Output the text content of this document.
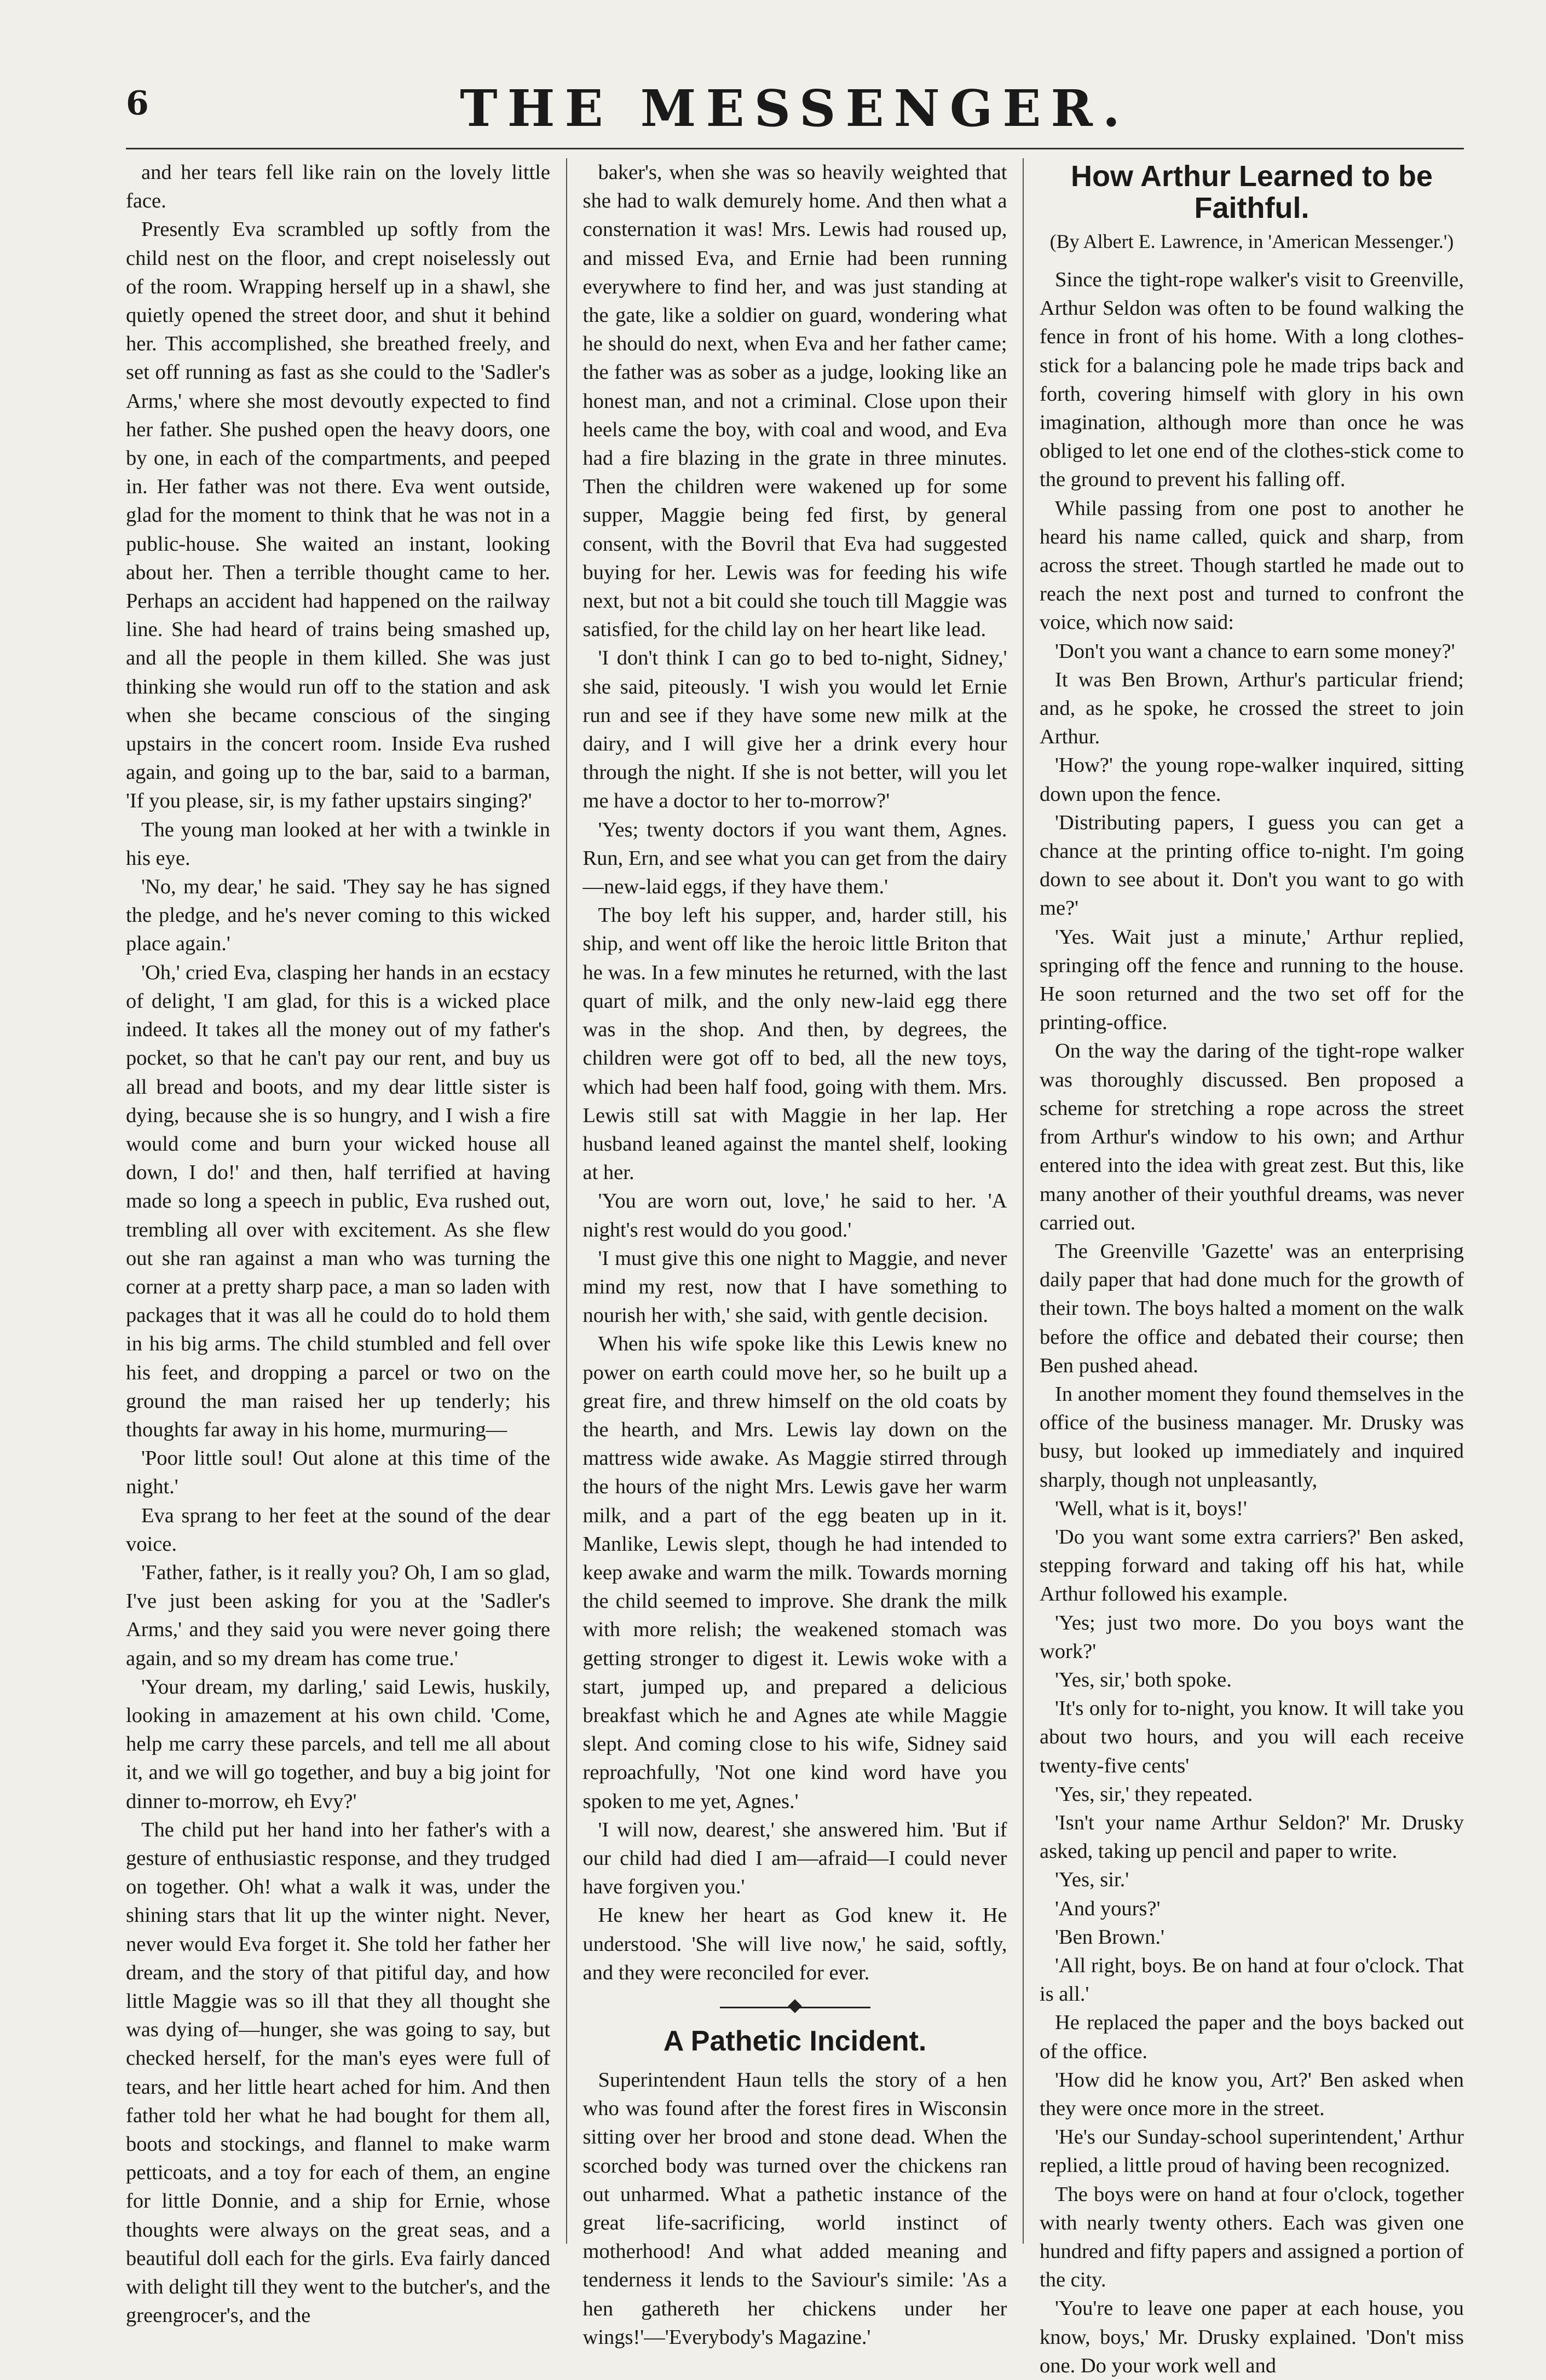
6	THE MESSENGER.

and her tears fell like rain on the lovely little face.

Presently Eva scrambled up softly from the child nest on the floor, and crept noiselessly out of the room. Wrapping herself up in a shawl, she quietly opened the street door, and shut it behind her. This accomplished, she breathed freely, and set off running as fast as she could to the 'Sadler's Arms,' where she most devoutly expected to find her father. She pushed open the heavy doors, one by one, in each of the compartments, and peeped in. Her father was not there. Eva went outside, glad for the moment to think that he was not in a public-house. She waited an instant, looking about her. Then a terrible thought came to her. Perhaps an accident had happened on the railway line. She had heard of trains being smashed up, and all the people in them killed. She was just thinking she would run off to the station and ask when she became conscious of the singing upstairs in the concert room. Inside Eva rushed again, and going up to the bar, said to a barman, 'If you please, sir, is my father upstairs singing?'

The young man looked at her with a twinkle in his eye.

'No, my dear,' he said. 'They say he has signed the pledge, and he's never coming to this wicked place again.'

'Oh,' cried Eva, clasping her hands in an ecstacy of delight, 'I am glad, for this is a wicked place indeed. It takes all the money out of my father's pocket, so that he can't pay our rent, and buy us all bread and boots, and my dear little sister is dying, because she is so hungry, and I wish a fire would come and burn your wicked house all down, I do!' and then, half terrified at having made so long a speech in public, Eva rushed out, trembling all over with excitement. As she flew out she ran against a man who was turning the corner at a pretty sharp pace, a man so laden with packages that it was all he could do to hold them in his big arms. The child stumbled and fell over his feet, and dropping a parcel or two on the ground the man raised her up tenderly; his thoughts far away in his home, murmuring—

'Poor little soul! Out alone at this time of the night.'

Eva sprang to her feet at the sound of the dear voice.

'Father, father, is it really you? Oh, I am so glad, I've just been asking for you at the 'Sadler's Arms,' and they said you were never going there again, and so my dream has come true.'

'Your dream, my darling,' said Lewis, huskily, looking in amazement at his own child. 'Come, help me carry these parcels, and tell me all about it, and we will go together, and buy a big joint for dinner to-morrow, eh Evy?'

The child put her hand into her father's with a gesture of enthusiastic response, and they trudged on together. Oh! what a walk it was, under the shining stars that lit up the winter night. Never, never would Eva forget it. She told her father her dream, and the story of that pitiful day, and how little Maggie was so ill that they all thought she was dying of—hunger, she was going to say, but checked herself, for the man's eyes were full of tears, and her little heart ached for him. And then father told her what he had bought for them all, boots and stockings, and flannel to make warm petticoats, and a toy for each of them, an engine for little Donnie, and a ship for Ernie, whose thoughts were always on the great seas, and a beautiful doll each for the girls. Eva fairly danced with delight till they went to the butcher's, and the greengrocer's, and the

baker's, when she was so heavily weighted that she had to walk demurely home. And then what a consternation it was! Mrs. Lewis had roused up, and missed Eva, and Ernie had been running everywhere to find her, and was just standing at the gate, like a soldier on guard, wondering what he should do next, when Eva and her father came; the father was as sober as a judge, looking like an honest man, and not a criminal. Close upon their heels came the boy, with coal and wood, and Eva had a fire blazing in the grate in three minutes. Then the children were wakened up for some supper, Maggie being fed first, by general consent, with the Bovril that Eva had suggested buying for her. Lewis was for feeding his wife next, but not a bit could she touch till Maggie was satisfied, for the child lay on her heart like lead.

'I don't think I can go to bed to-night, Sidney,' she said, piteously. 'I wish you would let Ernie run and see if they have some new milk at the dairy, and I will give her a drink every hour through the night. If she is not better, will you let me have a doctor to her to-morrow?'

'Yes; twenty doctors if you want them, Agnes. Run, Ern, and see what you can get from the dairy—new-laid eggs, if they have them.'

The boy left his supper, and, harder still, his ship, and went off like the heroic little Briton that he was. In a few minutes he returned, with the last quart of milk, and the only new-laid egg there was in the shop. And then, by degrees, the children were got off to bed, all the new toys, which had been half food, going with them. Mrs. Lewis still sat with Maggie in her lap. Her husband leaned against the mantel shelf, looking at her.

'You are worn out, love,' he said to her. 'A night's rest would do you good.'

'I must give this one night to Maggie, and never mind my rest, now that I have something to nourish her with,' she said, with gentle decision.

When his wife spoke like this Lewis knew no power on earth could move her, so he built up a great fire, and threw himself on the old coats by the hearth, and Mrs. Lewis lay down on the mattress wide awake. As Maggie stirred through the hours of the night Mrs. Lewis gave her warm milk, and a part of the egg beaten up in it. Manlike, Lewis slept, though he had intended to keep awake and warm the milk. Towards morning the child seemed to improve. She drank the milk with more relish; the weakened stomach was getting stronger to digest it. Lewis woke with a start, jumped up, and prepared a delicious breakfast which he and Agnes ate while Maggie slept. And coming close to his wife, Sidney said reproachfully, 'Not one kind word have you spoken to me yet, Agnes.'

'I will now, dearest,' she answered him. 'But if our child had died I am—afraid—I could never have forgiven you.'

He knew her heart as God knew it. He understood. 'She will live now,' he said, softly, and they were reconciled for ever.

A Pathetic Incident.

Superintendent Haun tells the story of a hen who was found after the forest fires in Wisconsin sitting over her brood and stone dead. When the scorched body was turned over the chickens ran out unharmed. What a pathetic instance of the great life-sacrificing, world instinct of motherhood! And what added meaning and tenderness it lends to the Saviour's simile: 'As a hen gathereth her chickens under her wings!'—'Everybody's Magazine.'

How Arthur Learned to be Faithful.
(By Albert E. Lawrence, in 'American Messenger.')

Since the tight-rope walker's visit to Greenville, Arthur Seldon was often to be found walking the fence in front of his home. With a long clothes-stick for a balancing pole he made trips back and forth, covering himself with glory in his own imagination, although more than once he was obliged to let one end of the clothes-stick come to the ground to prevent his falling off.

While passing from one post to another he heard his name called, quick and sharp, from across the street. Though startled he made out to reach the next post and turned to confront the voice, which now said:

'Don't you want a chance to earn some money?'

It was Ben Brown, Arthur's particular friend; and, as he spoke, he crossed the street to join Arthur.

'How?' the young rope-walker inquired, sitting down upon the fence.

'Distributing papers, I guess you can get a chance at the printing office to-night. I'm going down to see about it. Don't you want to go with me?'

'Yes. Wait just a minute,' Arthur replied, springing off the fence and running to the house. He soon returned and the two set off for the printing-office.

On the way the daring of the tight-rope walker was thoroughly discussed. Ben proposed a scheme for stretching a rope across the street from Arthur's window to his own; and Arthur entered into the idea with great zest. But this, like many another of their youthful dreams, was never carried out.

The Greenville 'Gazette' was an enterprising daily paper that had done much for the growth of their town. The boys halted a moment on the walk before the office and debated their course; then Ben pushed ahead.

In another moment they found themselves in the office of the business manager. Mr. Drusky was busy, but looked up immediately and inquired sharply, though not unpleasantly,

'Well, what is it, boys!'

'Do you want some extra carriers?' Ben asked, stepping forward and taking off his hat, while Arthur followed his example.

'Yes; just two more. Do you boys want the work?'

'Yes, sir,' both spoke.

'It's only for to-night, you know. It will take you about two hours, and you will each receive twenty-five cents'

'Yes, sir,' they repeated.

'Isn't your name Arthur Seldon?' Mr. Drusky asked, taking up pencil and paper to write.

'Yes, sir.'

'And yours?'

'Ben Brown.'

'All right, boys. Be on hand at four o'clock. That is all.'

He replaced the paper and the boys backed out of the office.

'How did he know you, Art?' Ben asked when they were once more in the street.

'He's our Sunday-school superintendent,' Arthur replied, a little proud of having been recognized.

The boys were on hand at four o'clock, together with nearly twenty others. Each was given one hundred and fifty papers and assigned a portion of the city.

'You're to leave one paper at each house, you know, boys,' Mr. Drusky explained. 'Don't miss one. Do your work well and
